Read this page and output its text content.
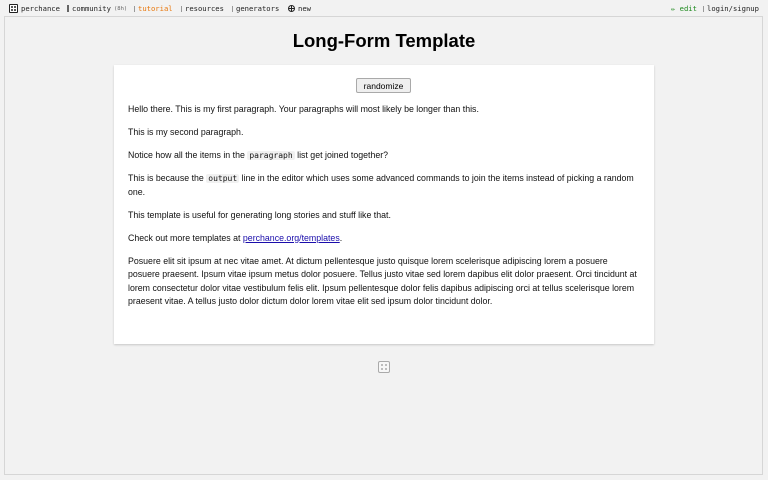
perchance community (8h) tutorial resources generators	new	✏ edit login/signup
Long-Form Template
randomize

Hello there. This is my first paragraph. Your paragraphs will most likely be longer than this.

This is my second paragraph.

Notice how all the items in the paragraph list get joined together?

This is because the output line in the editor which uses some advanced commands to join the items instead of picking a random one.

This template is useful for generating long stories and stuff like that.

Check out more templates at perchance.org/templates.

Posuere elit sit ipsum at nec vitae amet. At dictum pellentesque justo quisque lorem scelerisque adipiscing lorem a posuere posuere praesent. Ipsum vitae ipsum metus dolor posuere. Tellus justo vitae sed lorem dapibus elit dolor praesent. Orci tincidunt at lorem consectetur dolor vitae vestibulum felis elit. Ipsum pellentesque dolor felis dapibus adipiscing orci at tellus scelerisque lorem praesent vitae. A tellus justo dolor dictum dolor lorem vitae elit sed ipsum dolor tincidunt dolor.
